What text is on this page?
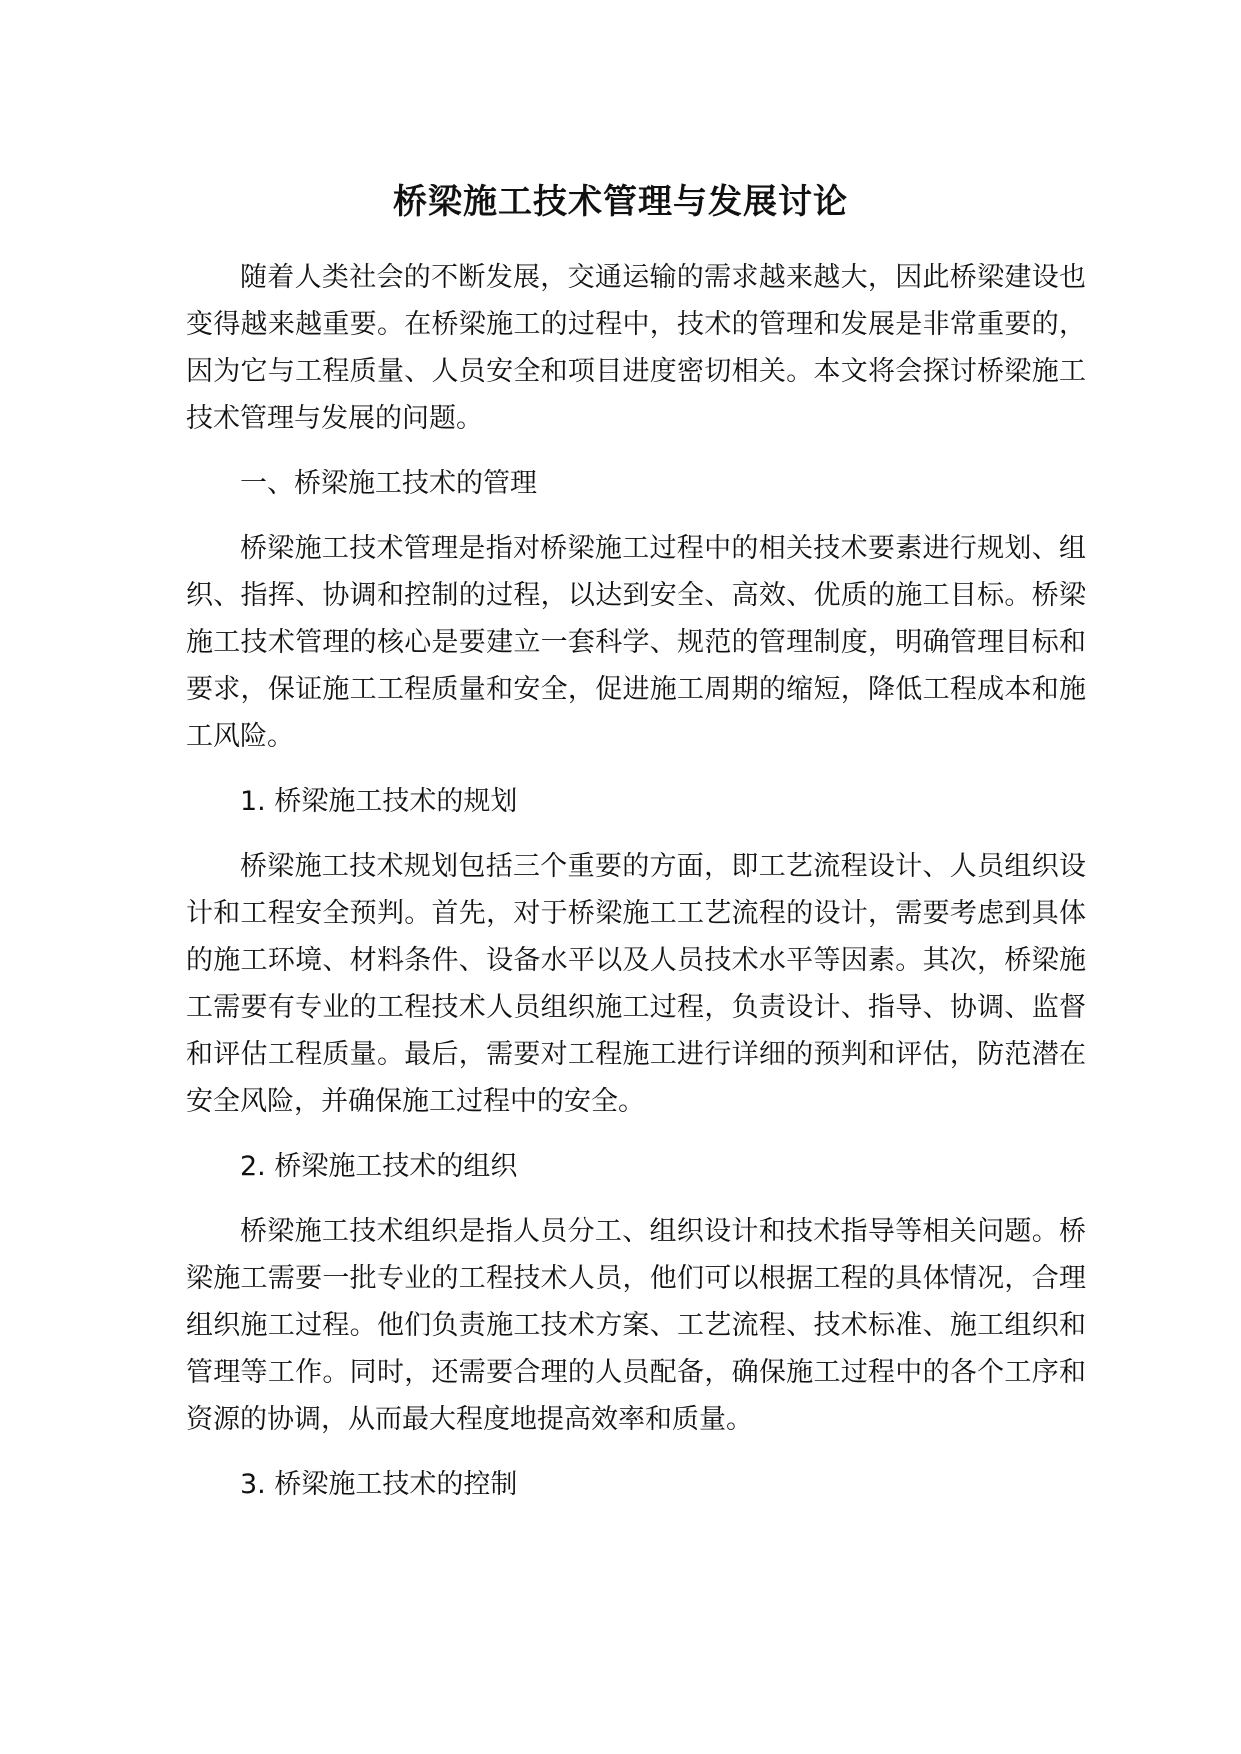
桥梁施工技术管理与发展讨论

随着人类社会的不断发展，交通运输的需求越来越大，因此桥梁建设也变得越来越重要。在桥梁施工的过程中，技术的管理和发展是非常重要的，因为它与工程质量、人员安全和项目进度密切相关。本文将会探讨桥梁施工技术管理与发展的问题。

一、桥梁施工技术的管理

桥梁施工技术管理是指对桥梁施工过程中的相关技术要素进行规划、组织、指挥、协调和控制的过程，以达到安全、高效、优质的施工目标。桥梁施工技术管理的核心是要建立一套科学、规范的管理制度，明确管理目标和要求，保证施工工程质量和安全，促进施工周期的缩短，降低工程成本和施工风险。

1. 桥梁施工技术的规划

桥梁施工技术规划包括三个重要的方面，即工艺流程设计、人员组织设计和工程安全预判。首先，对于桥梁施工工艺流程的设计，需要考虑到具体的施工环境、材料条件、设备水平以及人员技术水平等因素。其次，桥梁施工需要有专业的工程技术人员组织施工过程，负责设计、指导、协调、监督和评估工程质量。最后，需要对工程施工进行详细的预判和评估，防范潜在安全风险，并确保施工过程中的安全。

2. 桥梁施工技术的组织

桥梁施工技术组织是指人员分工、组织设计和技术指导等相关问题。桥梁施工需要一批专业的工程技术人员，他们可以根据工程的具体情况，合理组织施工过程。他们负责施工技术方案、工艺流程、技术标准、施工组织和管理等工作。同时，还需要合理的人员配备，确保施工过程中的各个工序和资源的协调，从而最大程度地提高效率和质量。

3. 桥梁施工技术的控制
